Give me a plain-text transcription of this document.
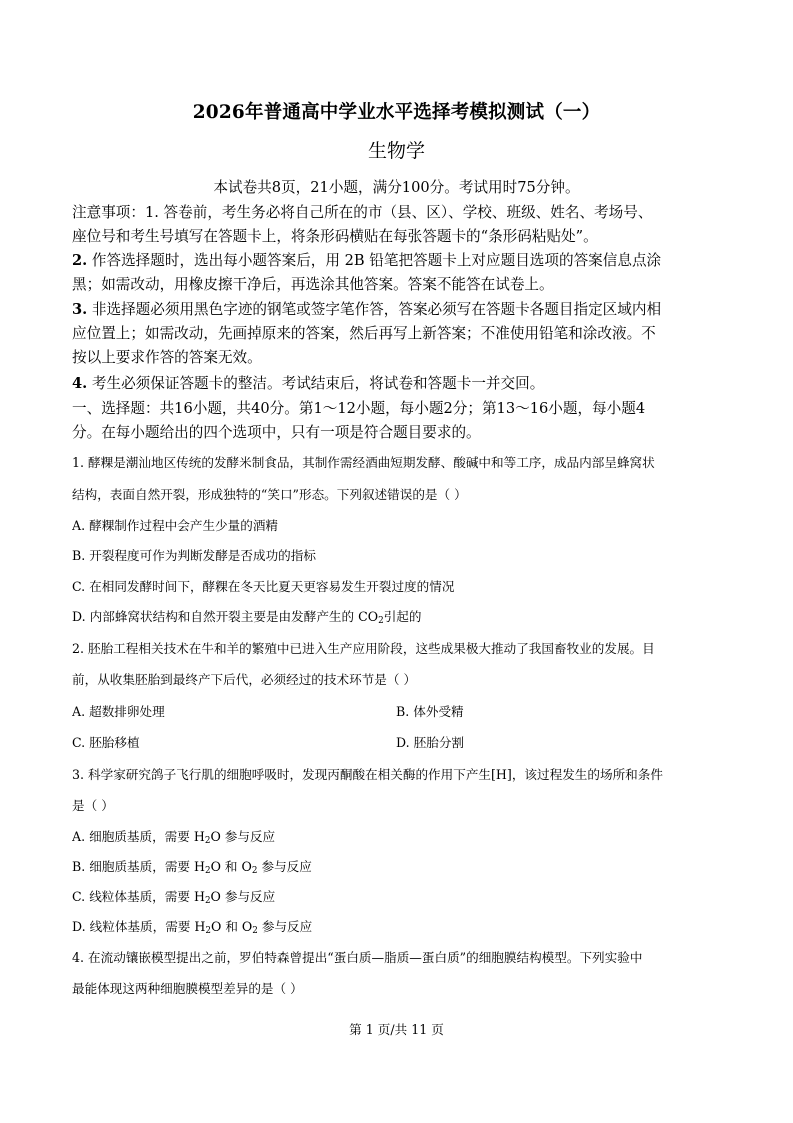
2026年普通高中学业水平选择考模拟测试（一）
生物学
本试卷共8页，21小题，满分100分。考试用时75分钟。
注意事项：1. 答卷前，考生务必将自己所在的市（县、区）、学校、班级、姓名、考场号、
座位号和考生号填写在答题卡上，将条形码横贴在每张答题卡的“条形码粘贴处”。
2. 作答选择题时，选出每小题答案后，用 2B 铅笔把答题卡上对应题目选项的答案信息点涂
黑；如需改动，用橡皮擦干净后，再选涂其他答案。答案不能答在试卷上。
3. 非选择题必须用黑色字迹的钢笔或签字笔作答，答案必须写在答题卡各题目指定区域内相
应位置上；如需改动，先画掉原来的答案，然后再写上新答案；不准使用铅笔和涂改液。不
按以上要求作答的答案无效。
4. 考生必须保证答题卡的整洁。考试结束后，将试卷和答题卡一并交回。
一、选择题：共16小题，共40分。第1～12小题，每小题2分；第13～16小题，每小题4
分。在每小题给出的四个选项中，只有一项是符合题目要求的。
1. 酵粿是潮汕地区传统的发酵米制食品，其制作需经酒曲短期发酵、酸碱中和等工序，成品内部呈蜂窝状
结构，表面自然开裂，形成独特的“笑口”形态。下列叙述错误的是（ ）
A. 酵粿制作过程中会产生少量的酒精
B. 开裂程度可作为判断发酵是否成功的指标
C. 在相同发酵时间下，酵粿在冬天比夏天更容易发生开裂过度的情况
D. 内部蜂窝状结构和自然开裂主要是由发酵产生的 $CO_2$引起的
2. 胚胎工程相关技术在牛和羊的繁殖中已进入生产应用阶段，这些成果极大推动了我国畜牧业的发展。目
前，从收集胚胎到最终产下后代，必须经过的技术环节是（ ）
A. 超数排卵处理	B. 体外受精
C. 胚胎移植	D. 胚胎分割
3. 科学家研究鸽子飞行肌的细胞呼吸时，发现丙酮酸在相关酶的作用下产生[H]，该过程发生的场所和条件
是（ ）
A. 细胞质基质，需要 $H_2O$ 参与反应
B. 细胞质基质，需要 $H_2O$ 和 $O_2$ 参与反应
C. 线粒体基质，需要 $H_2O$ 参与反应
D. 线粒体基质，需要 $H_2O$ 和 $O_2$ 参与反应
4. 在流动镶嵌模型提出之前，罗伯特森曾提出“蛋白质—脂质—蛋白质”的细胞膜结构模型。下列实验中
最能体现这两种细胞膜模型差异的是（ ）
第 1 页/共 11 页
